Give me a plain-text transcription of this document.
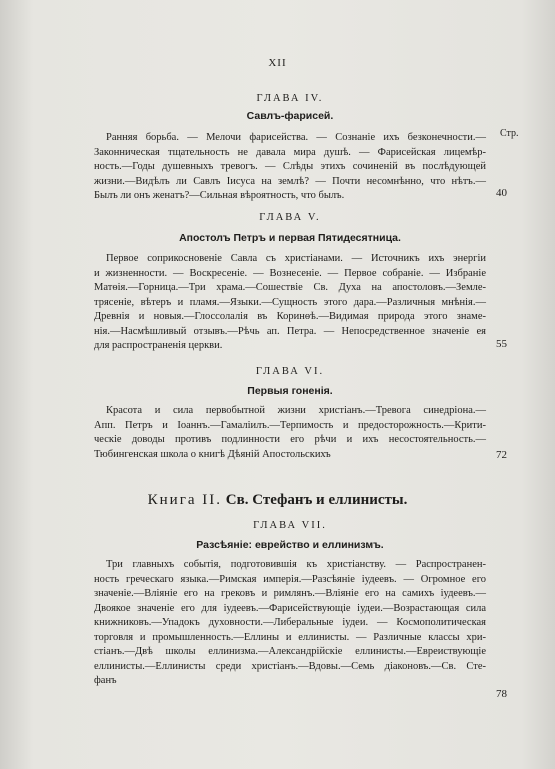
XII
Стр.
ГЛАВА IV.
Савлъ-фарисей.
Ранняя борьба. — Мелочи фарисейства. — Сознаніе ихъ безконечности.—
Законническая тщательность не давала мира душѣ. — Фарисейская лицемѣр-
ность.—Годы душевныхъ тревогъ. — Слѣды этихъ сочиненій въ послѣдующей
жизни.—Видѣлъ ли Савлъ Іисуса на землѣ? — Почти несомнѣнно, что нѣтъ.—
Былъ ли онъ женатъ?—Сильная вѣроятность, что былъ.	40
ГЛАВА V.
Апостолъ Петръ и первая Пятидесятница.
Первое соприкосновеніе Савла съ христіанами. — Источникъ ихъ энергіи
и жизненности. — Воскресеніе. — Вознесеніе. — Первое собраніе. — Избраніе
Матѳія.—Горница.—Три храма.—Сошествіе Св. Духа на апостоловъ.—Земле-
трясеніе, вѣтеръ и пламя.—Языки.—Сущность этого дара.—Различныя мнѣнія.—
Древнія и новыя.—Глоссолалія въ Коринѳѣ.—Видимая природа этого знаме-
нія.—Насмѣшливый отзывъ.—Рѣчь ап. Петра. — Непосредственное значеніе ея
для распространенія церкви.	55
ГЛАВА VI.
Первыя гоненія.
Красота и сила первобытной жизни христіанъ.—Тревога синедріона.—
Апп. Петръ и Іоаннъ.—Гамаліилъ.—Терпимость и предосторожность.—Крити-
ческіе доводы противъ подлинности его рѣчи и ихъ несостоятельность.—
Тюбингенская школа о книгѣ Дѣяній Апостольскихъ	72
Книга II. Св. Стефанъ и еллинисты.
ГЛАВА VII.
Разсѣяніе: еврейство и еллинизмъ.
Три главныхъ событія, подготовившія къ христіанству. — Распространен-
ность греческаго языка.—Римская имперія.—Разсѣяніе іудеевъ. — Огромное его
значеніе.—Вліяніе его на грековъ и римлянъ.—Вліяніе его на самихъ іудеевъ.—
Двоякое значеніе его для іудеевъ.—Фарисействующіе іудеи.—Возрастающая сила
книжниковъ.—Упадокъ духовности.—Либеральные іудеи. — Космополитическая
торговля и промышленность.—Еллины и еллинисты. — Различные классы хри-
стіанъ.—Двѣ школы еллинизма.—Александрійскіе еллинисты.—Евреиствующіе
еллинисты.—Еллинисты среди христіанъ.—Вдовы.—Семь діаконовъ.—Св. Сте-
фанъ
78
